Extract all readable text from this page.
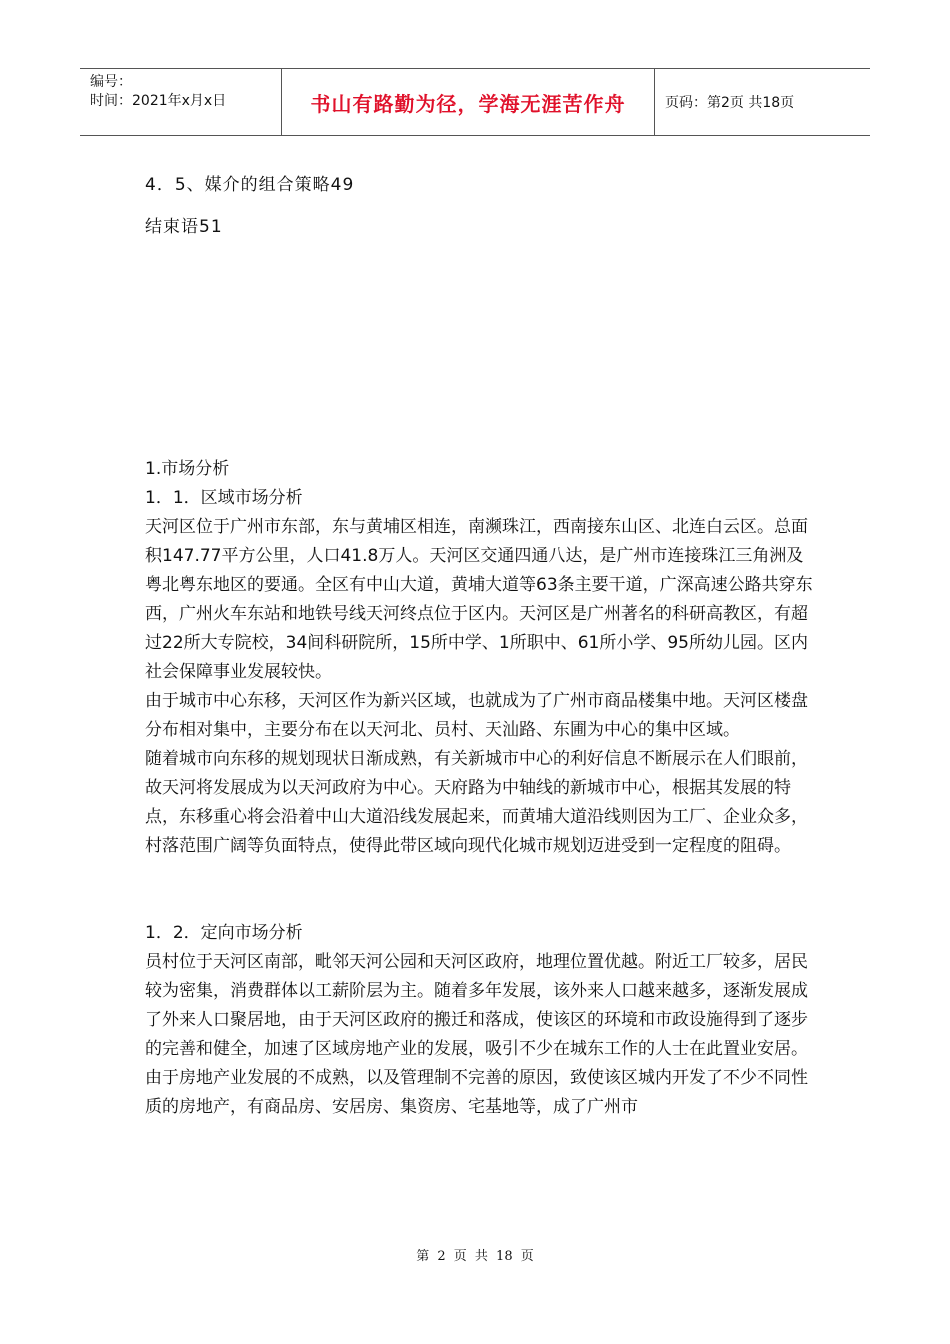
编号：
时间：2021年x月x日	书山有路勤为径，学海无涯苦作舟	页码：第2页 共18页
4．5、媒介的组合策略49
结束语51

1.市场分析

1．1．区域市场分析

天河区位于广州市东部，东与黄埔区相连，南濒珠江，西南接东山区、北连白云区。总面积147.77平方公里，人口41.8万人。天河区交通四通八达，是广州市连接珠江三角洲及粤北粤东地区的要通。全区有中山大道，黄埔大道等63条主要干道，广深高速公路共穿东西，广州火车东站和地铁号线天河终点位于区内。天河区是广州著名的科研高教区，有超过22所大专院校，34间科研院所，15所中学、1所职中、61所小学、95所幼儿园。区内社会保障事业发展较快。

由于城市中心东移，天河区作为新兴区域，也就成为了广州市商品楼集中地。天河区楼盘分布相对集中，主要分布在以天河北、员村、天汕路、东圃为中心的集中区域。

随着城市向东移的规划现状日渐成熟，有关新城市中心的利好信息不断展示在人们眼前，故天河将发展成为以天河政府为中心。天府路为中轴线的新城市中心，根据其发展的特点，东移重心将会沿着中山大道沿线发展起来，而黄埔大道沿线则因为工厂、企业众多，村落范围广阔等负面特点，使得此带区域向现代化城市规划迈进受到一定程度的阻碍。

1．2．定向市场分析

员村位于天河区南部，毗邻天河公园和天河区政府，地理位置优越。附近工厂较多，居民较为密集，消费群体以工薪阶层为主。随着多年发展，该外来人口越来越多，逐渐发展成了外来人口聚居地，由于天河区政府的搬迁和落成，使该区的环境和市政设施得到了逐步的完善和健全，加速了区域房地产业的发展，吸引不少在城东工作的人士在此置业安居。

由于房地产业发展的不成熟，以及管理制不完善的原因，致使该区城内开发了不少不同性质的房地产，有商品房、安居房、集资房、宅基地等，成了广州市

第 2 页 共 18 页
